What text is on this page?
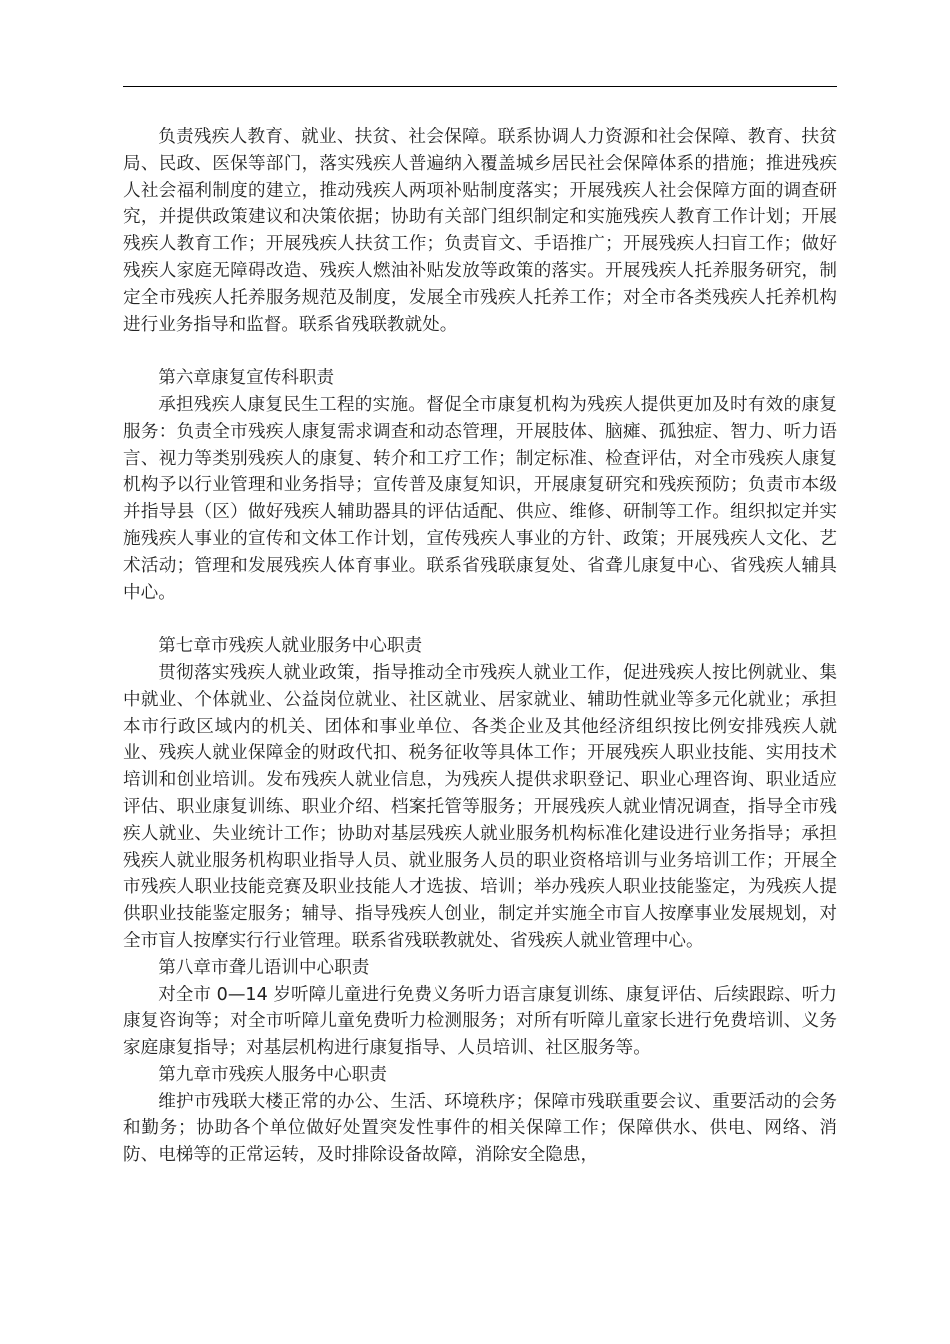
负责残疾人教育、就业、扶贫、社会保障。联系协调人力资源和社会保障、教育、扶贫局、民政、医保等部门，落实残疾人普遍纳入覆盖城乡居民社会保障体系的措施；推进残疾人社会福利制度的建立，推动残疾人两项补贴制度落实；开展残疾人社会保障方面的调查研究，并提供政策建议和决策依据；协助有关部门组织制定和实施残疾人教育工作计划；开展残疾人教育工作；开展残疾人扶贫工作；负责盲文、手语推广；开展残疾人扫盲工作；做好残疾人家庭无障碍改造、残疾人燃油补贴发放等政策的落实。开展残疾人托养服务研究，制定全市残疾人托养服务规范及制度，发展全市残疾人托养工作；对全市各类残疾人托养机构进行业务指导和监督。联系省残联教就处。

第六章康复宣传科职责

承担残疾人康复民生工程的实施。督促全市康复机构为残疾人提供更加及时有效的康复服务：负责全市残疾人康复需求调查和动态管理，开展肢体、脑瘫、孤独症、智力、听力语言、视力等类别残疾人的康复、转介和工疗工作；制定标准、检查评估，对全市残疾人康复机构予以行业管理和业务指导；宣传普及康复知识，开展康复研究和残疾预防；负责市本级并指导县（区）做好残疾人辅助器具的评估适配、供应、维修、研制等工作。组织拟定并实施残疾人事业的宣传和文体工作计划，宣传残疾人事业的方针、政策；开展残疾人文化、艺术活动；管理和发展残疾人体育事业。联系省残联康复处、省聋儿康复中心、省残疾人辅具中心。

第七章市残疾人就业服务中心职责

贯彻落实残疾人就业政策，指导推动全市残疾人就业工作，促进残疾人按比例就业、集中就业、个体就业、公益岗位就业、社区就业、居家就业、辅助性就业等多元化就业；承担本市行政区域内的机关、团体和事业单位、各类企业及其他经济组织按比例安排残疾人就业、残疾人就业保障金的财政代扣、税务征收等具体工作；开展残疾人职业技能、实用技术培训和创业培训。发布残疾人就业信息，为残疾人提供求职登记、职业心理咨询、职业适应评估、职业康复训练、职业介绍、档案托管等服务；开展残疾人就业情况调查，指导全市残疾人就业、失业统计工作；协助对基层残疾人就业服务机构标准化建设进行业务指导；承担残疾人就业服务机构职业指导人员、就业服务人员的职业资格培训与业务培训工作；开展全市残疾人职业技能竞赛及职业技能人才选拔、培训；举办残疾人职业技能鉴定，为残疾人提供职业技能鉴定服务；辅导、指导残疾人创业，制定并实施全市盲人按摩事业发展规划，对全市盲人按摩实行行业管理。联系省残联教就处、省残疾人就业管理中心。

第八章市聋儿语训中心职责

对全市 0—14 岁听障儿童进行免费义务听力语言康复训练、康复评估、后续跟踪、听力康复咨询等；对全市听障儿童免费听力检测服务；对所有听障儿童家长进行免费培训、义务家庭康复指导；对基层机构进行康复指导、人员培训、社区服务等。

第九章市残疾人服务中心职责

维护市残联大楼正常的办公、生活、环境秩序；保障市残联重要会议、重要活动的会务和勤务；协助各个单位做好处置突发性事件的相关保障工作；保障供水、供电、网络、消防、电梯等的正常运转，及时排除设备故障，消除安全隐患，
